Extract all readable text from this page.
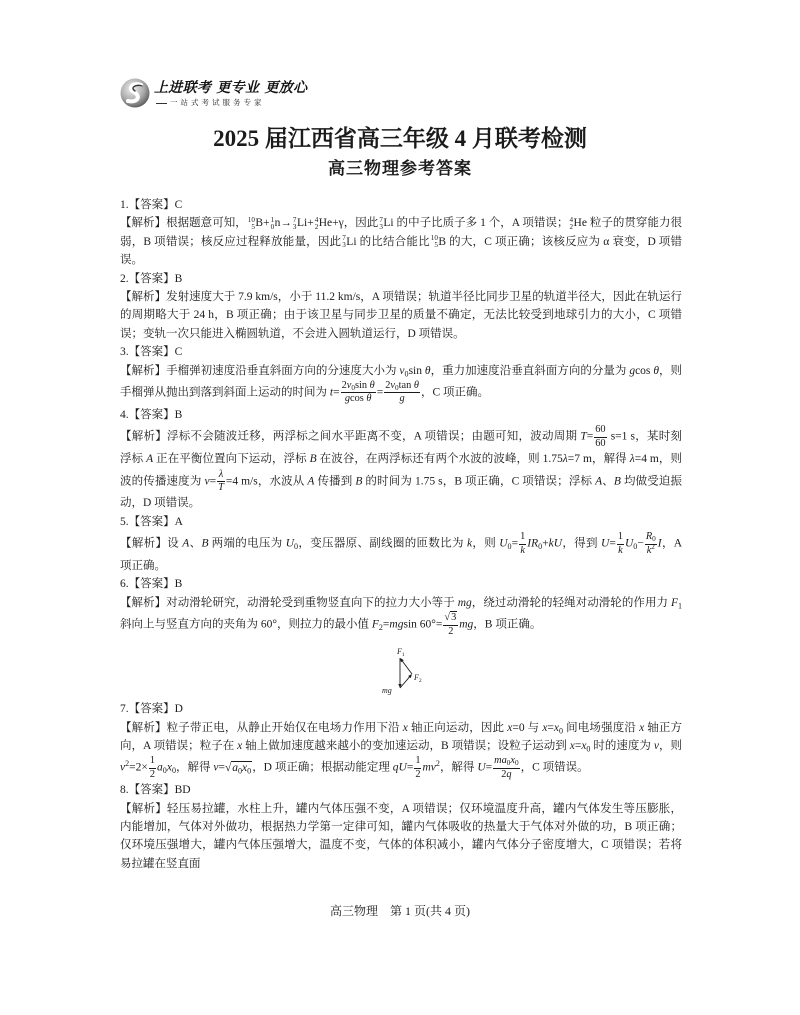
上进联考 更专业 更放心
一站式考试服务专家
2025 届江西省高三年级 4 月联考检测
高三物理参考答案

1.【答案】C

【解析】根据题意可知， 10
5 B+ 1
0 n→ 7
3 Li+ 4
2 He+γ，因此 7
3 Li 的中子比质子多 1 个，A 项错误； 4
2 He 粒子的贯穿能力很弱，B 项错误；核反应过程释放能量，因此 7
3 Li 的比结合能比 10
5 B 的大，C 项正确；该核反应为 α 衰变，D 项错误。

2.【答案】B

【解析】发射速度大于 7.9 km/s，小于 11.2 km/s，A 项错误；轨道半径比同步卫星的轨道半径大，因此在轨运行的周期略大于 24 h，B 项正确；由于该卫星与同步卫星的质量不确定，无法比较受到地球引力的大小，C 项错误；变轨一次只能进入椭圆轨道，不会进入圆轨道运行，D 项错误。

3.【答案】C

【解析】手榴弹初速度沿垂直斜面方向的分速度大小为 $v_0\sin$ θ，重力加速度沿垂直斜面方向的分量为 gcos θ，则手榴弹从抛出到落到斜面上运动的时间为 $t= \frac{2v_0\sin \theta}{\text{gcos θ}} = \frac{2v_0\tan \theta}{g}$ ，C 项正确。

4.【答案】B

【解析】浮标不会随波迁移，两浮标之间水平距离不变，A 项错误；由题可知，波动周期 $T= \frac{60}{60} s=1$ s，某时刻浮标 A 正在平衡位置向下运动，浮标 B 在波谷，在两浮标还有两个水波的波峰，则 1.75λ=7 m，解得 λ=4 m，则波的传播速度为 $v= \frac{\lambda}{T} =4$ m/s，水波从 A 传播到 B 的时间为 1.75 s，B 项正确，C 项错误；浮标 A、B 均做受迫振动，D 项错误。

5.【答案】A

【解析】设 A、B 两端的电压为 $U_0$，变压器原、副线圈的匝数比为 k，则 $U_0= \frac{1}{k} IR_0+kU$，得到 $U= \frac{1}{k} U_0- \frac{R_0}{k^2}$ I，A 项正确。

6.【答案】B

【解析】对动滑轮研究，动滑轮受到重物竖直向下的拉力大小等于 mg，绕过动滑轮的轻绳对动滑轮的作用力 $F_1$ 斜向上与竖直方向的夹角为 60°，则拉力的最小值 $F_2=mgsin$ 60°= √ $\frac{3}{2}$ mg，B 项正确。

$F_1$
$F_2$
mg

7.【答案】D

【解析】粒子带正电，从静止开始仅在电场力作用下沿 x 轴正向运动，因此 x=0 与 $x=x_0$ 间电场强度沿 x 轴正方向，A 项错误；粒子在 x 轴上做加速度越来越小的变加速运动，B 项错误；设粒子运动到 $x=x_0$ 时的速度为 v，则 $v^2=2\times \frac{1}{2} a_0x_0$，解得 v= √ $a_0x_0$，D 项正确；根据动能定理 $qU= \frac{1}{2} mv^2$，解得 $U= \frac{ma_0x_0}{2q}$ ，C 项错误。

8.【答案】BD

【解析】轻压易拉罐，水柱上升，罐内气体压强不变，A 项错误；仅环境温度升高，罐内气体发生等压膨胀，内能增加，气体对外做功，根据热力学第一定律可知，罐内气体吸收的热量大于气体对外做的功，B 项正确；仅环境压强增大，罐内气体压强增大，温度不变，气体的体积减小，罐内气体分子密度增大，C 项错误；若将易拉罐在竖直面

高三物理　第 1 页(共 4 页)
